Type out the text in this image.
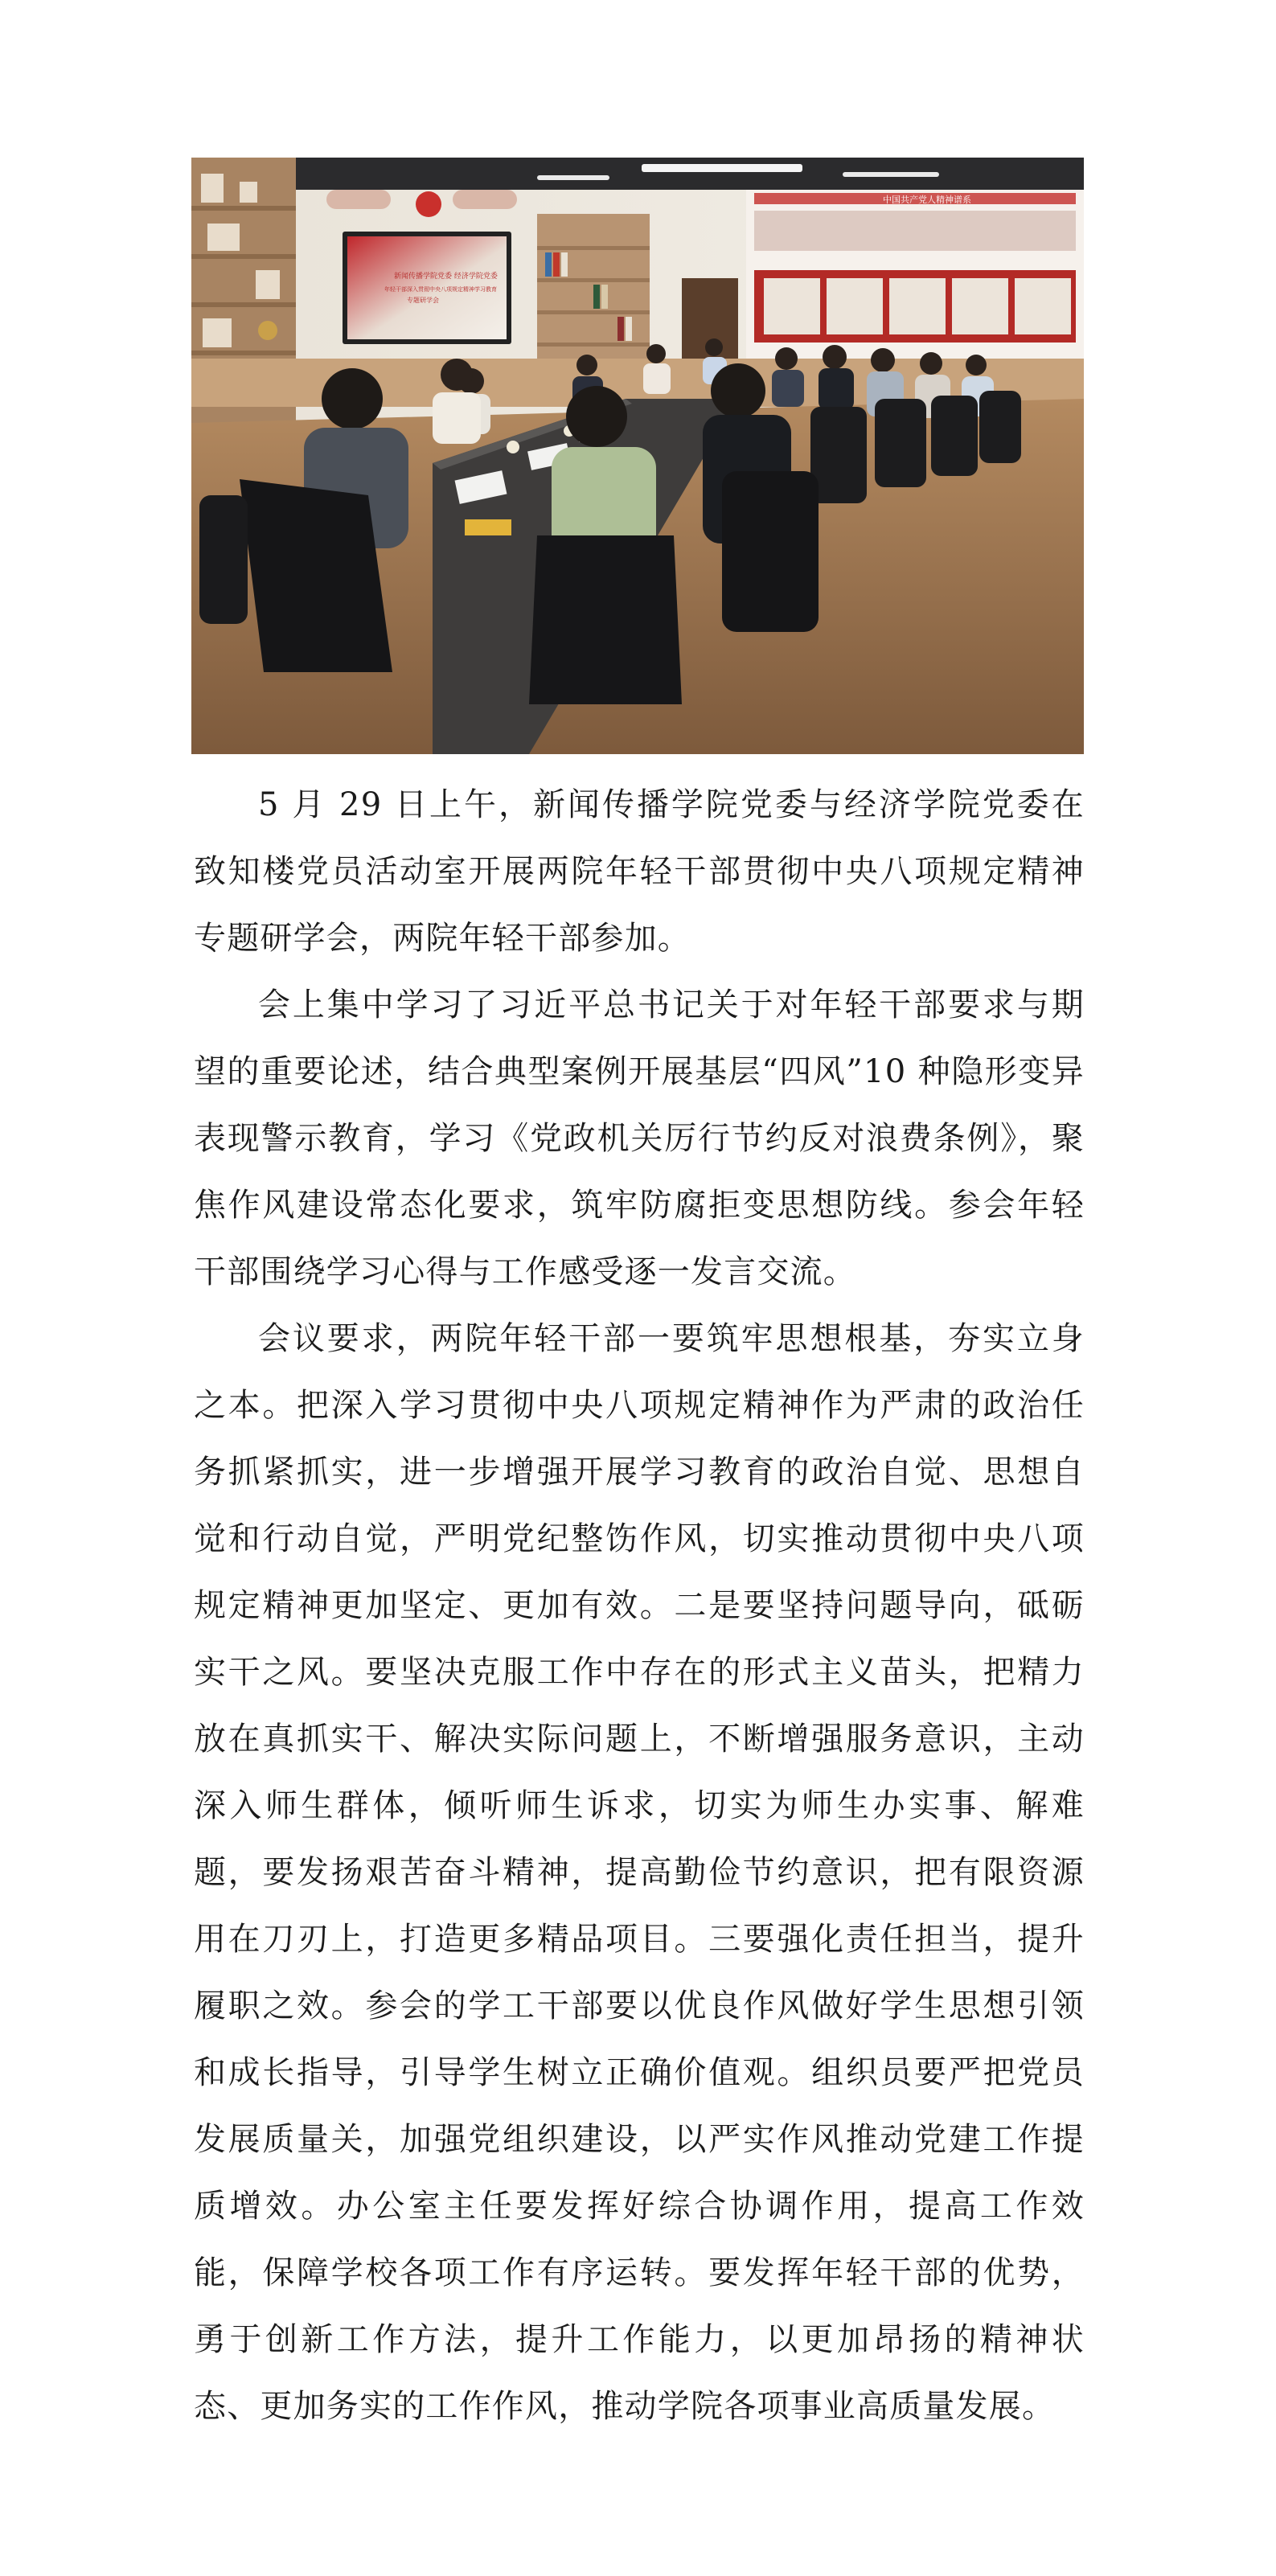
新闻传播学院党委 经济学院党委
年轻干部深入贯彻中央八项规定精神学习教育
专题研学会
中国共产党人精神谱系

5 月 29 日上午，新闻传播学院党委与经济学院党委在致知楼党员活动室开展两院年轻干部贯彻中央八项规定精神专题研学会，两院年轻干部参加。

会上集中学习了习近平总书记关于对年轻干部要求与期望的重要论述，结合典型案例开展基层“四风”10 种隐形变异表现警示教育，学习《党政机关厉行节约反对浪费条例》，聚焦作风建设常态化要求，筑牢防腐拒变思想防线。参会年轻干部围绕学习心得与工作感受逐一发言交流。

会议要求，两院年轻干部一要筑牢思想根基，夯实立身之本。把深入学习贯彻中央八项规定精神作为严肃的政治任务抓紧抓实，进一步增强开展学习教育的政治自觉、思想自觉和行动自觉，严明党纪整饬作风，切实推动贯彻中央八项规定精神更加坚定、更加有效。二是要坚持问题导向，砥砺实干之风。要坚决克服工作中存在的形式主义苗头，把精力放在真抓实干、解决实际问题上，不断增强服务意识，主动深入师生群体，倾听师生诉求，切实为师生办实事、解难题，要发扬艰苦奋斗精神，提高勤俭节约意识，把有限资源用在刀刃上，打造更多精品项目。三要强化责任担当，提升履职之效。参会的学工干部要以优良作风做好学生思想引领和成长指导，引导学生树立正确价值观。组织员要严把党员发展质量关，加强党组织建设，以严实作风推动党建工作提质增效。办公室主任要发挥好综合协调作用，提高工作效能，保障学校各项工作有序运转。要发挥年轻干部的优势，勇于创新工作方法，提升工作能力，以更加昂扬的精神状态、更加务实的工作作风，推动学院各项事业高质量发展。
